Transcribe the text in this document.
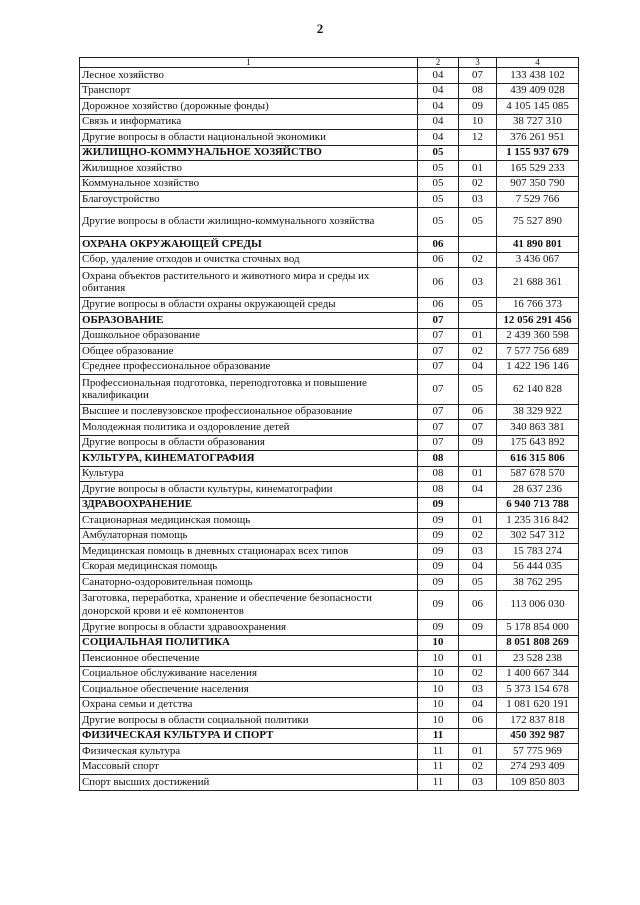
2
1	2	3	4
Лесное хозяйство	04	07	133 438 102
Транспорт	04	08	439 409 028
Дорожное хозяйство (дорожные фонды)	04	09	4 105 145 085
Связь и информатика	04	10	38 727 310
Другие вопросы в области национальной экономики	04	12	376 261 951
ЖИЛИЩНО-КОММУНАЛЬНОЕ ХОЗЯЙСТВО	05		1 155 937 679
Жилищное хозяйство	05	01	165 529 233
Коммунальное хозяйство	05	02	907 350 790
Благоустройство	05	03	7 529 766
Другие вопросы в области жилищно-коммунального хозяйства	05	05	75 527 890
ОХРАНА ОКРУЖАЮЩЕЙ СРЕДЫ	06		41 890 801
Сбор, удаление отходов и очистка сточных вод	06	02	3 436 067
Охрана объектов растительного и животного мира и среды их обитания	06	03	21 688 361
Другие вопросы в области охраны окружающей среды	06	05	16 766 373
ОБРАЗОВАНИЕ	07		12 056 291 456
Дошкольное образование	07	01	2 439 360 598
Общее образование	07	02	7 577 756 689
Среднее профессиональное образование	07	04	1 422 196 146
Профессиональная подготовка, переподготовка и повышение квалификации	07	05	62 140 828
Высшее и послевузовское профессиональное образование	07	06	38 329 922
Молодежная политика и оздоровление детей	07	07	340 863 381
Другие вопросы в области образования	07	09	175 643 892
КУЛЬТУРА, КИНЕМАТОГРАФИЯ	08		616 315 806
Культура	08	01	587 678 570
Другие вопросы в области культуры, кинематографии	08	04	28 637 236
ЗДРАВООХРАНЕНИЕ	09		6 940 713 788
Стационарная медицинская помощь	09	01	1 235 316 842
Амбулаторная помощь	09	02	302 547 312
Медицинская помощь в дневных стационарах всех типов	09	03	15 783 274
Скорая медицинская помощь	09	04	56 444 035
Санаторно-оздоровительная помощь	09	05	38 762 295
Заготовка, переработка, хранение и обеспечение безопасности донорской крови и её компонентов	09	06	113 006 030
Другие вопросы в области здравоохранения	09	09	5 178 854 000
СОЦИАЛЬНАЯ ПОЛИТИКА	10		8 051 808 269
Пенсионное обеспечение	10	01	23 528 238
Социальное обслуживание населения	10	02	1 400 667 344
Социальное обеспечение населения	10	03	5 373 154 678
Охрана семьи и детства	10	04	1 081 620 191
Другие вопросы в области социальной политики	10	06	172 837 818
ФИЗИЧЕСКАЯ КУЛЬТУРА И СПОРТ	11		450 392 987
Физическая культура	11	01	57 775 969
Массовый спорт	11	02	274 293 409
Спорт высших достижений	11	03	109 850 803
